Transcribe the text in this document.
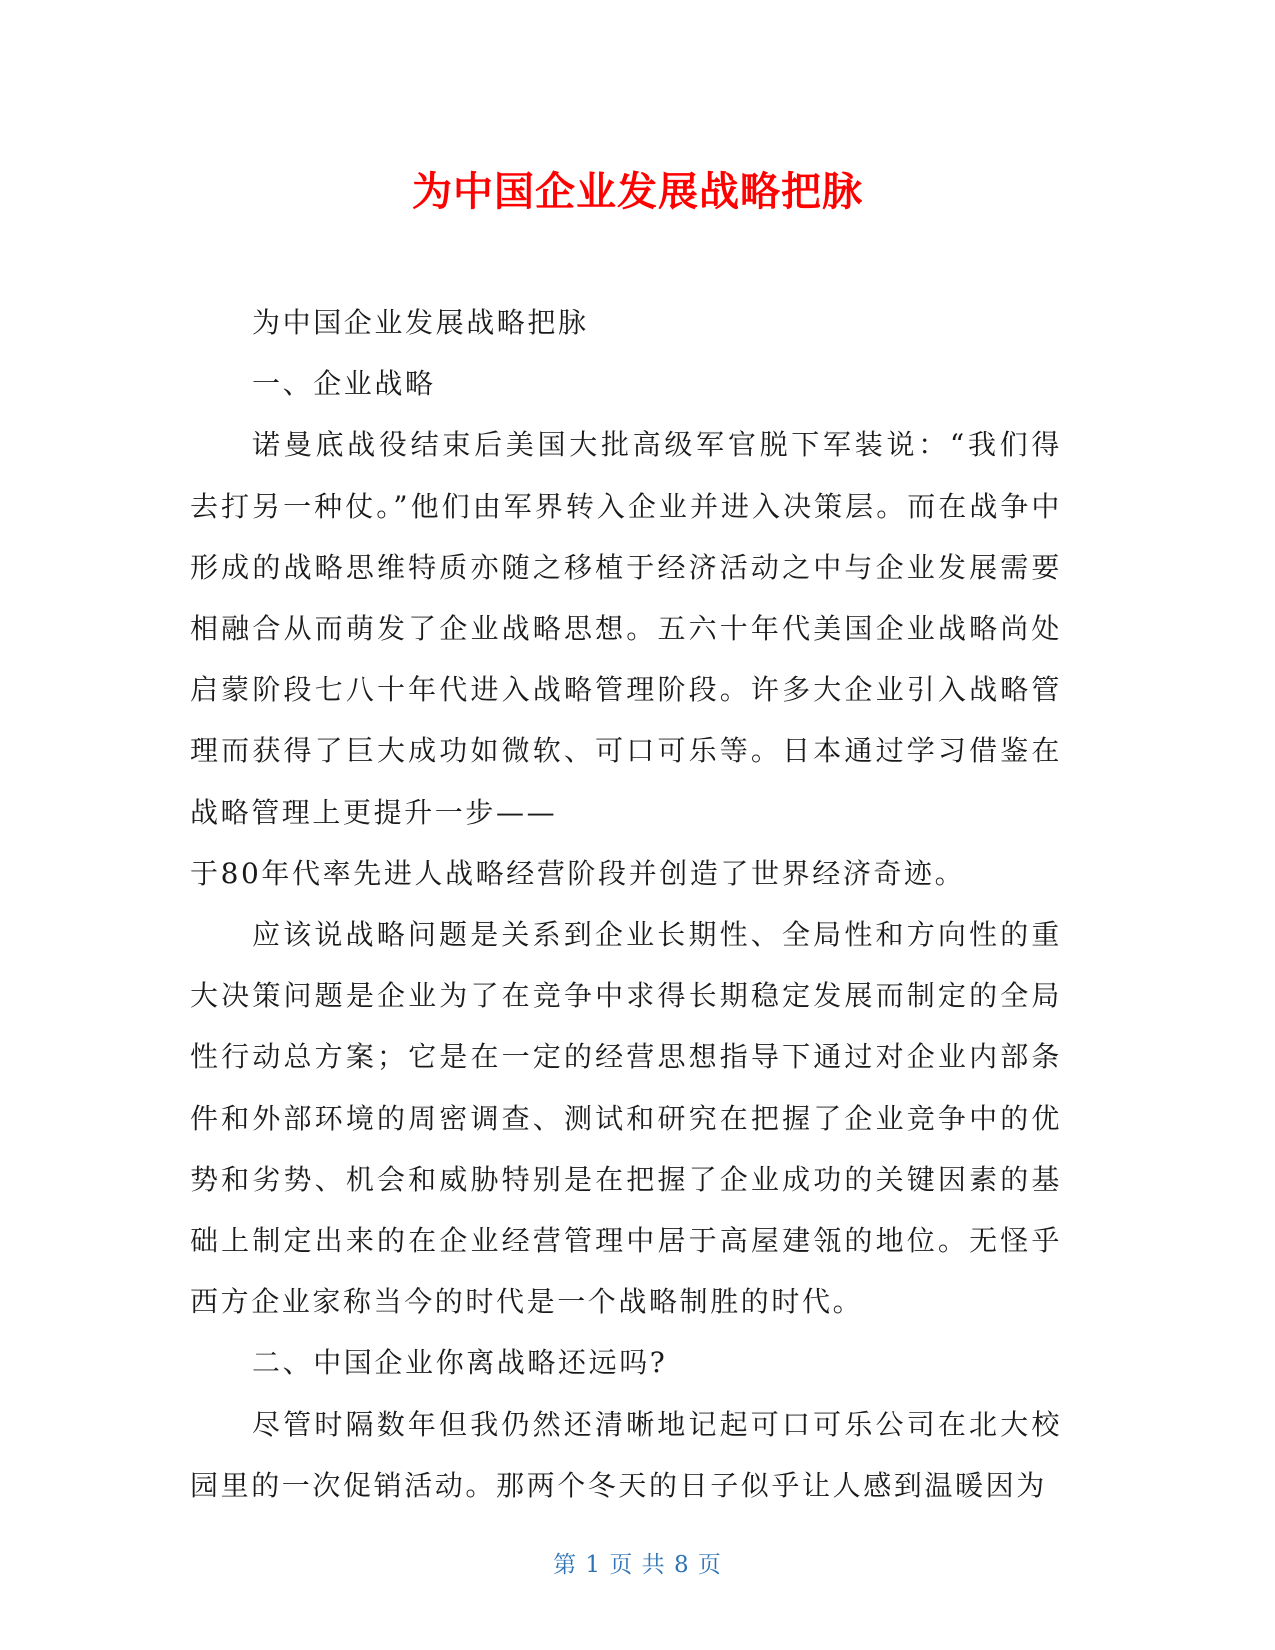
为中国企业发展战略把脉

为中国企业发展战略把脉

一、企业战略

诺曼底战役结束后美国大批高级军官脱下军装说：“我们得去打另一种仗。”他们由军界转入企业并进入决策层。而在战争中形成的战略思维特质亦随之移植于经济活动之中与企业发展需要相融合从而萌发了企业战略思想。五六十年代美国企业战略尚处启蒙阶段七八十年代进入战略管理阶段。许多大企业引入战略管理而获得了巨大成功如微软、可口可乐等。日本通过学习借鉴在战略管理上更提升一步——

于80年代率先进人战略经营阶段并创造了世界经济奇迹。

应该说战略问题是关系到企业长期性、全局性和方向性的重大决策问题是企业为了在竞争中求得长期稳定发展而制定的全局性行动总方案；它是在一定的经营思想指导下通过对企业内部条件和外部环境的周密调查、测试和研究在把握了企业竞争中的优势和劣势、机会和威胁特别是在把握了企业成功的关键因素的基础上制定出来的在企业经营管理中居于高屋建瓴的地位。无怪乎西方企业家称当今的时代是一个战略制胜的时代。

二、中国企业你离战略还远吗?

尽管时隔数年但我仍然还清晰地记起可口可乐公司在北大校园里的一次促销活动。那两个冬天的日子似乎让人感到温暖因为

第 1 页 共 8 页
